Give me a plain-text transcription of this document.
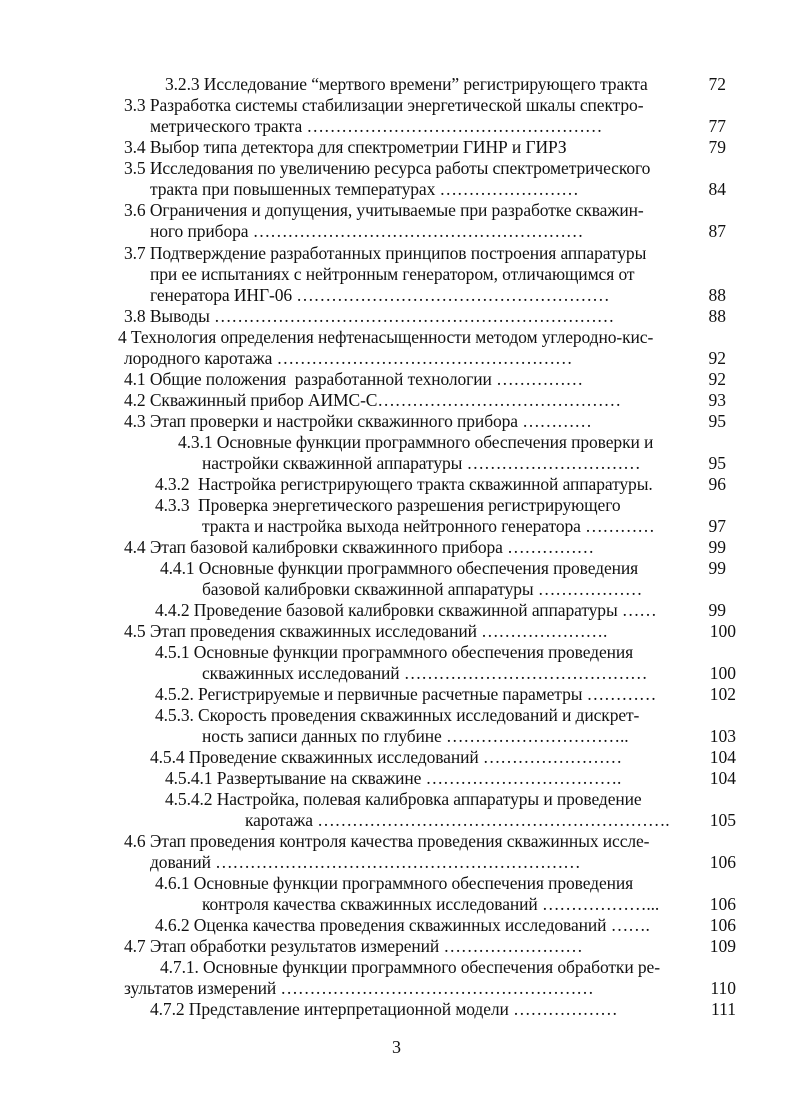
3.2.3 Исследование “мертвого времени” регистрирующего тракта	72
3.3 Разработка системы стабилизации энергетической шкалы спектро-
метрического тракта ……………………………………………	77
3.4 Выбор типа детектора для спектрометрии ГИНР и ГИРЗ	79
3.5 Исследования по увеличению ресурса работы спектрометрического
тракта при повышенных температурах ……………………	84
3.6 Ограничения и допущения, учитываемые при разработке скважин-
ного прибора …………………………………………………	87
3.7 Подтверждение разработанных принципов построения аппаратуры
при ее испытаниях с нейтронным генератором, отличающимся от
генератора ИНГ-06 ………………………………………………	88
3.8 Выводы ……………………………………………………………	88
4 Технология определения нефтенасыщенности методом углеродно-кис-
лородного каротажа ……………………………………………	92
4.1 Общие положения  разработанной технологии ……………	92
4.2 Скважинный прибор АИМС-С……………………………………	93
4.3 Этап проверки и настройки скважинного прибора …………	95
4.3.1 Основные функции программного обеспечения проверки и
настройки скважинной аппаратуры …………………………	95
4.3.2  Настройка регистрирующего тракта скважинной аппаратуры.	96
4.3.3  Проверка энергетического разрешения регистрирующего
тракта и настройка выхода нейтронного генератора …………	97
4.4 Этап базовой калибровки скважинного прибора ……………	99
4.4.1 Основные функции программного обеспечения проведения	99
базовой калибровки скважинной аппаратуры ………………
4.4.2 Проведение базовой калибровки скважинной аппаратуры ……	99
4.5 Этап проведения скважинных исследований ………………….	100
4.5.1 Основные функции программного обеспечения проведения
скважинных исследований ……………………………………	100
4.5.2. Регистрируемые и первичные расчетные параметры …………	102
4.5.3. Скорость проведения скважинных исследований и дискрет-
ность записи данных по глубине …………………………..	103
4.5.4 Проведение скважинных исследований ……………………	104
4.5.4.1 Развертывание на скважине …………………………….	104
4.5.4.2 Настройка, полевая калибровка аппаратуры и проведение
каротажа …………………………………………………….	105
4.6 Этап проведения контроля качества проведения скважинных иссле-
дований ………………………………………………………	106
4.6.1 Основные функции программного обеспечения проведения
контроля качества скважинных исследований ………………...	106
4.6.2 Оценка качества проведения скважинных исследований …….	106
4.7 Этап обработки результатов измерений ……………………	109
4.7.1. Основные функции программного обеспечения обработки ре-
зультатов измерений ………………………………………………	110
4.7.2 Представление интерпретационной модели ………………	111
3
